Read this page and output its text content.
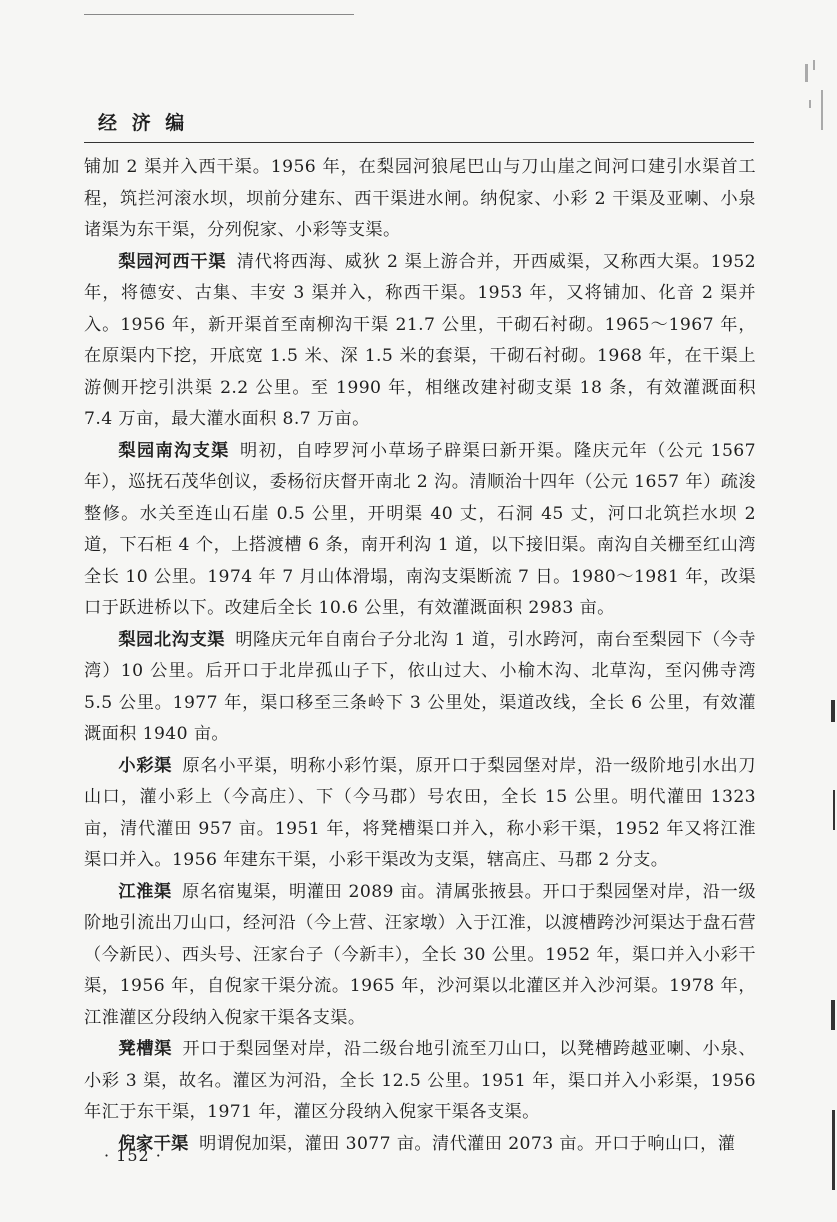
经 济 编

铺加 2 渠并入西干渠。1956 年，在梨园河狼尾巴山与刀山崖之间河口建引水渠首工程，筑拦河滚水坝，坝前分建东、西干渠进水闸。纳倪家、小彩 2 干渠及亚喇、小泉诸渠为东干渠，分列倪家、小彩等支渠。

梨园河西干渠 清代将西海、威狄 2 渠上游合并，开西威渠，又称西大渠。1952 年，将德安、古集、丰安 3 渠并入，称西干渠。1953 年，又将铺加、化音 2 渠并入。1956 年，新开渠首至南柳沟干渠 21.7 公里，干砌石衬砌。1965～1967 年，在原渠内下挖，开底宽 1.5 米、深 1.5 米的套渠，干砌石衬砌。1968 年，在干渠上游侧开挖引洪渠 2.2 公里。至 1990 年，相继改建衬砌支渠 18 条，有效灌溉面积 7.4 万亩，最大灌水面积 8.7 万亩。

梨园南沟支渠 明初，自哱罗河小草场子辟渠曰新开渠。隆庆元年（公元 1567 年），巡抚石茂华创议，委杨衍庆督开南北 2 沟。清顺治十四年（公元 1657 年）疏浚整修。水关至连山石崖 0.5 公里，开明渠 40 丈，石洞 45 丈，河口北筑拦水坝 2 道，下石柜 4 个，上搭渡槽 6 条，南开利沟 1 道，以下接旧渠。南沟自关栅至红山湾全长 10 公里。1974 年 7 月山体滑塌，南沟支渠断流 7 日。1980～1981 年，改渠口于跃进桥以下。改建后全长 10.6 公里，有效灌溉面积 2983 亩。

梨园北沟支渠 明隆庆元年自南台子分北沟 1 道，引水跨河，南台至梨园下（今寺湾）10 公里。后开口于北岸孤山子下，依山过大、小榆木沟、北草沟，至闪佛寺湾 5.5 公里。1977 年，渠口移至三条岭下 3 公里处，渠道改线，全长 6 公里，有效灌溉面积 1940 亩。

小彩渠 原名小平渠，明称小彩竹渠，原开口于梨园堡对岸，沿一级阶地引水出刀山口，灌小彩上（今高庄）、下（今马郡）号农田，全长 15 公里。明代灌田 1323 亩，清代灌田 957 亩。1951 年，将凳槽渠口并入，称小彩干渠，1952 年又将江淮渠口并入。1956 年建东干渠，小彩干渠改为支渠，辖高庄、马郡 2 分支。

江淮渠 原名宿嵬渠，明灌田 2089 亩。清属张掖县。开口于梨园堡对岸，沿一级阶地引流出刀山口，经河沿（今上营、汪家墩）入于江淮，以渡槽跨沙河渠达于盘石营（今新民）、西头号、汪家台子（今新丰），全长 30 公里。1952 年，渠口并入小彩干渠，1956 年，自倪家干渠分流。1965 年，沙河渠以北灌区并入沙河渠。1978 年，江淮灌区分段纳入倪家干渠各支渠。

凳槽渠 开口于梨园堡对岸，沿二级台地引流至刀山口，以凳槽跨越亚喇、小泉、小彩 3 渠，故名。灌区为河沿，全长 12.5 公里。1951 年，渠口并入小彩渠，1956 年汇于东干渠，1971 年，灌区分段纳入倪家干渠各支渠。

倪家干渠 明谓倪加渠，灌田 3077 亩。清代灌田 2073 亩。开口于响山口，灌

· 152 ·
